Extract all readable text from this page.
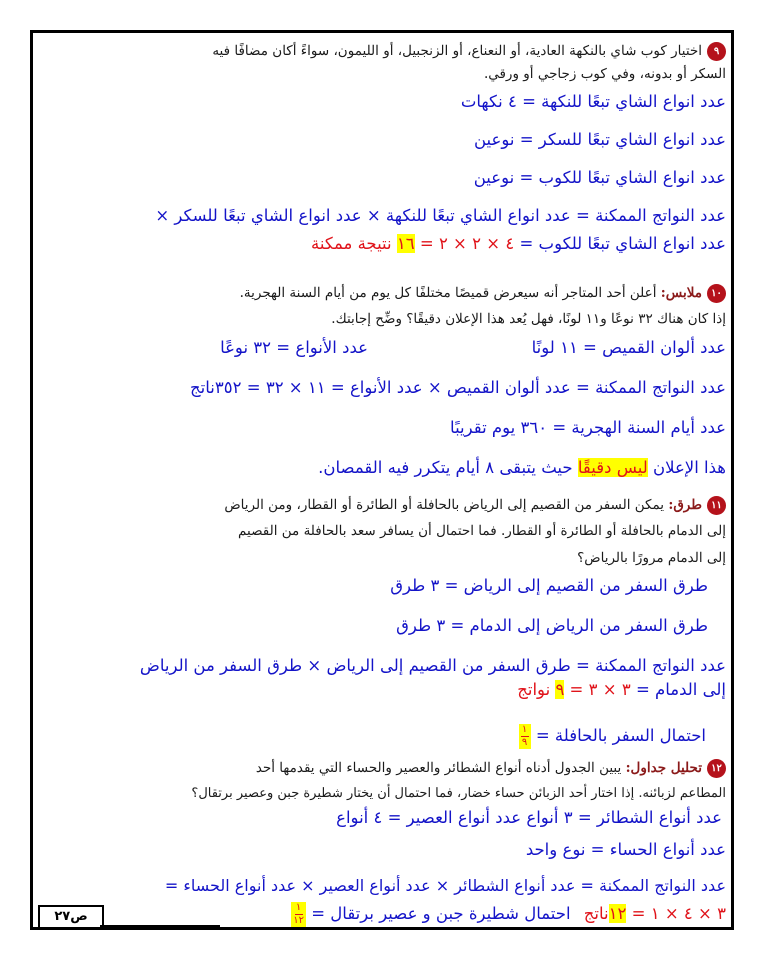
٩اختيار كوب شاي بالنكهة العادية، أو النعناع، أو الزنجبيل، أو الليمون، سواءً أكان مضافًا فيه
السكر أو بدونه، وفي كوب زجاجي أو ورقي.
عدد انواع الشاي تبعًا للنكهة = ٤ نكهات
عدد انواع الشاي تبعًا للسكر = نوعين
عدد انواع الشاي تبعًا للكوب = نوعين
عدد النواتج الممكنة = عدد انواع الشاي تبعًا للنكهة × عدد انواع الشاي تبعًا للسكر ×
عدد انواع الشاي تبعًا للكوب = ٤ × ٢ × ٢ = ١٦ نتيجة ممكنة
١٠ملابس: أعلن أحد المتاجر أنه سيعرض قميصًا مختلفًا كل يوم من أيام السنة الهجرية.
إذا كان هناك ٣٢ نوعًا و١١ لونًا، فهل يُعد هذا الإعلان دقيقًا؟ وضِّح إجابتك.
عدد ألوان القميص = ١١ لونًا
عدد الأنواع = ٣٢ نوعًا
عدد النواتج الممكنة = عدد ألوان القميص × عدد الأنواع = ١١ × ٣٢ = ٣٥٢ناتج
عدد أيام السنة الهجرية = ٣٦٠ يوم تقريبًا
هذا الإعلان ليس دقيقًا حيث يتبقى ٨ أيام يتكرر فيه القمصان.
١١طرق: يمكن السفر من القصيم إلى الرياض بالحافلة أو الطائرة أو القطار، ومن الرياض
إلى الدمام بالحافلة أو الطائرة أو القطار. فما احتمال أن يسافر سعد بالحافلة من القصيم
إلى الدمام مرورًا بالرياض؟
طرق السفر من القصيم إلى الرياض = ٣ طرق
طرق السفر من الرياض إلى الدمام = ٣ طرق
عدد النواتج الممكنة = طرق السفر من القصيم إلى الرياض × طرق السفر من الرياض
إلى الدمام = ٣ × ٣ = ٩ نواتج
احتمال السفر بالحافلة =
$\frac{١}{٩}$
١٢تحليل جداول: يبين الجدول أدناه أنواع الشطائر والعصير والحساء التي يقدمها أحد
المطاعم لزبائنه. إذا اختار أحد الزبائن حساء خضار، فما احتمال أن يختار شطيرة جبن وعصير برتقال؟
عدد أنواع الشطائر = ٣ أنواع عدد أنواع العصير = ٤ أنواع
عدد أنواع الحساء = نوع واحد
عدد النواتج الممكنة = عدد أنواع الشطائر × عدد أنواع العصير × عدد أنواع الحساء =
٣ × ٤ × ١ = ١٢ناتج احتمال شطيرة جبن و عصير برتقال =
$\frac{١}{١٢}$
ص٢٧
